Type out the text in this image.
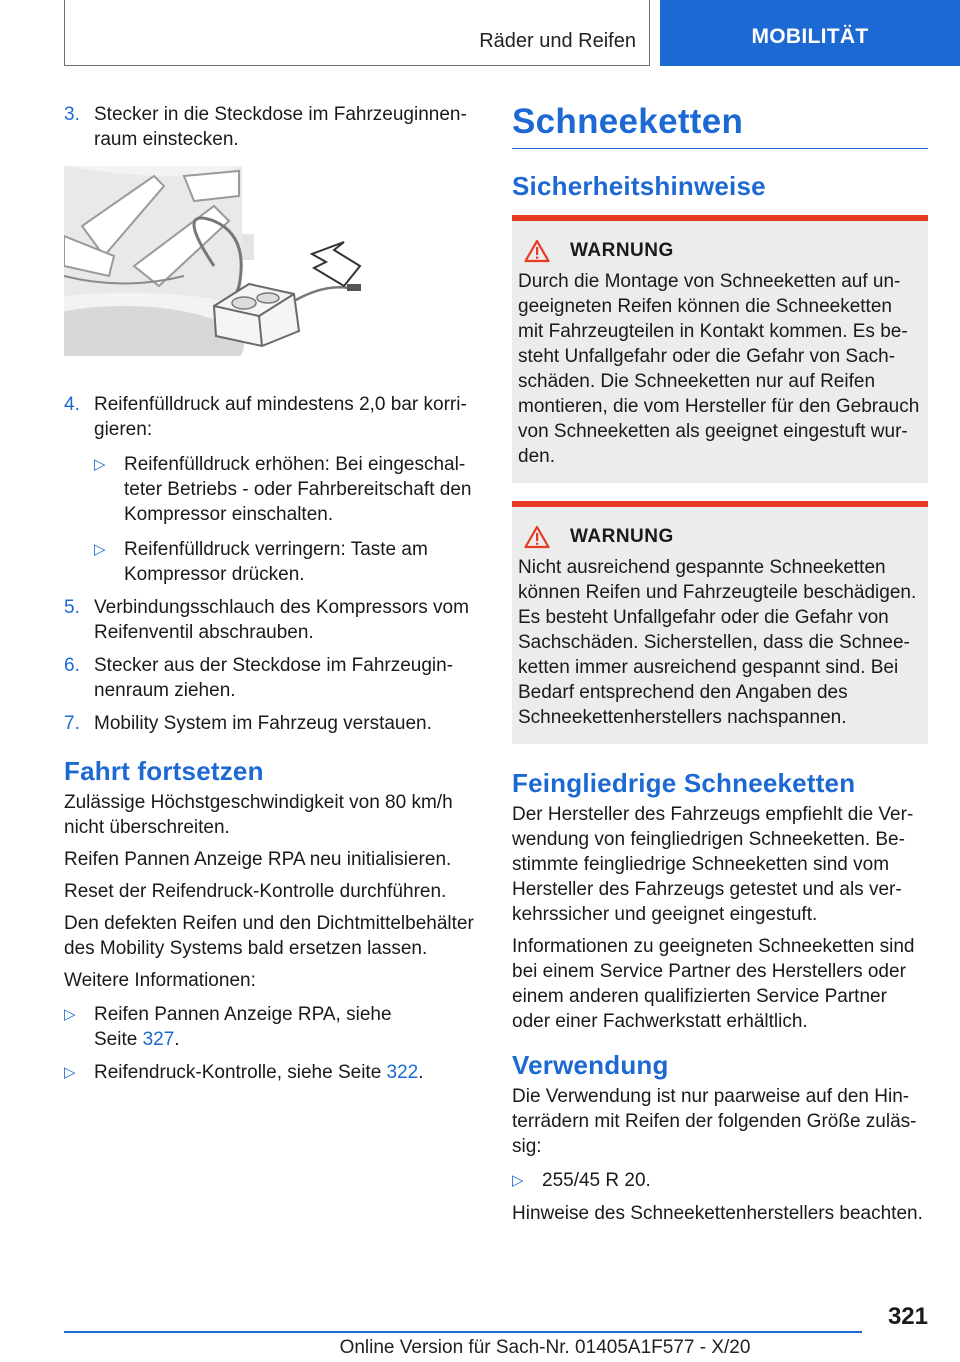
Räder und Reifen	MOBILITÄT
3. Stecker in die Steckdose im Fahrzeuginnen-raum einstecken.
4. Reifenfülldruck auf mindestens 2,0 bar korri-gieren:
▷ Reifenfülldruck erhöhen: Bei eingeschal-teter Betriebs - oder Fahrbereitschaft den Kompressor einschalten.
▷ Reifenfülldruck verringern: Taste am Kompressor drücken.
5. Verbindungsschlauch des Kompressors vom Reifenventil abschrauben.
6. Stecker aus der Steckdose im Fahrzeugin-nenraum ziehen.
7. Mobility System im Fahrzeug verstauen.
Fahrt fortsetzen

Zulässige Höchstgeschwindigkeit von 80 km/h nicht überschreiten.

Reifen Pannen Anzeige RPA neu initialisieren.

Reset der Reifendruck-Kontrolle durchführen.

Den defekten Reifen und den Dichtmittelbehälter des Mobility Systems bald ersetzen lassen.

Weitere Informationen:

▷ Reifen Pannen Anzeige RPA, siehe Seite 327.
▷ Reifendruck-Kontrolle, siehe Seite 322.
Schneeketten
Sicherheitshinweise
WARNUNG
Durch die Montage von Schneeketten auf un-geeigneten Reifen können die Schneeketten mit Fahrzeugteilen in Kontakt kommen. Es be-steht Unfallgefahr oder die Gefahr von Sach-schäden. Die Schneeketten nur auf Reifen montieren, die vom Hersteller für den Gebrauch von Schneeketten als geeignet eingestuft wur-den.
WARNUNG
Nicht ausreichend gespannte Schneeketten können Reifen und Fahrzeugteile beschädigen. Es besteht Unfallgefahr oder die Gefahr von Sachschäden. Sicherstellen, dass die Schnee-ketten immer ausreichend gespannt sind. Bei Bedarf entsprechend den Angaben des Schneekettenherstellers nachspannen.
Feingliedrige Schneeketten

Der Hersteller des Fahrzeugs empfiehlt die Ver-wendung von feingliedrigen Schneeketten. Be-stimmte feingliedrige Schneeketten sind vom Hersteller des Fahrzeugs getestet und als ver-kehrssicher und geeignet eingestuft.

Informationen zu geeigneten Schneeketten sind bei einem Service Partner des Herstellers oder einem anderen qualifizierten Service Partner oder einer Fachwerkstatt erhältlich.

Verwendung

Die Verwendung ist nur paarweise auf den Hin-terrädern mit Reifen der folgenden Größe zuläs-sig:

▷ 255/45 R 20.

Hinweise des Schneekettenherstellers beachten.

321
Online Version für Sach-Nr. 01405A1F577 - X/20
